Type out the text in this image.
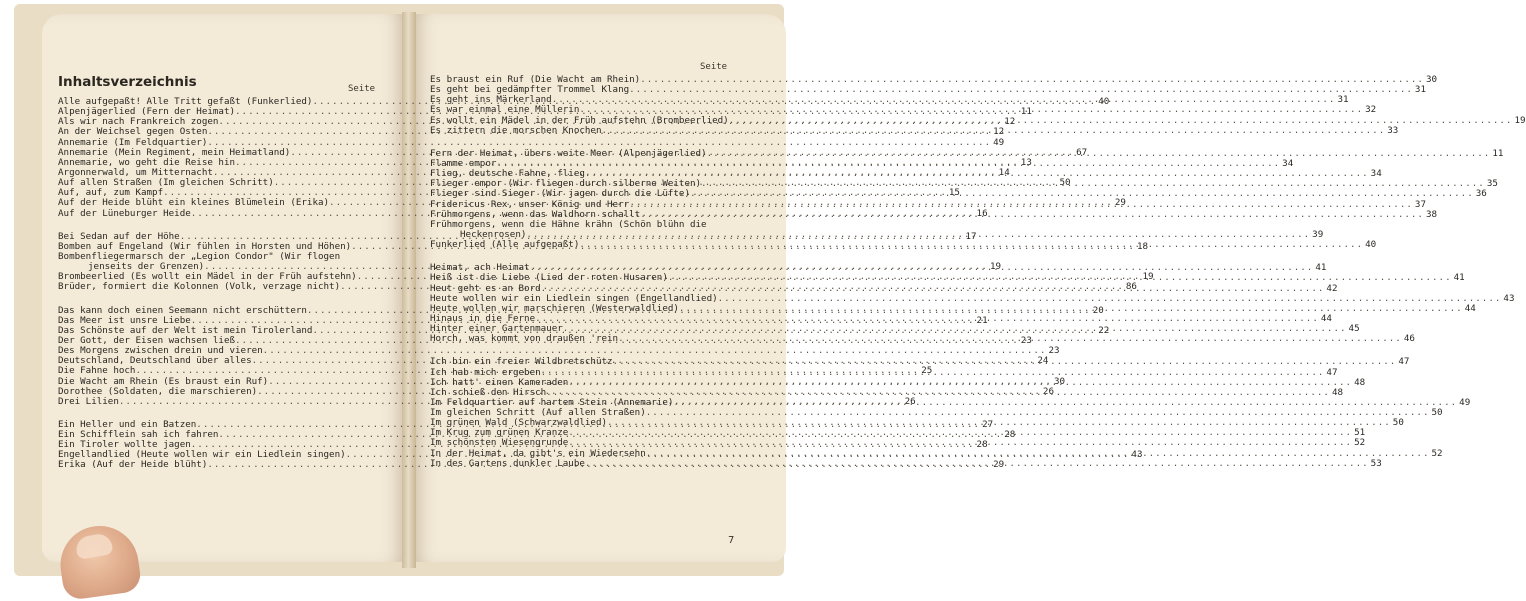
Inhaltsverzeichnis	Seite
Seite
Alle aufgepaßt! Alle Tritt gefaßt (Funkerlied) .....	40
Alpenjägerlied (Fern der Heimat) .....	11
Als wir nach Frankreich zogen .....	12
An der Weichsel gegen Osten .....	12
Annemarie (Im Feldquartier) .....	49
Annemarie (Mein Regiment, mein Heimatland) .....	67
Annemarie, wo geht die Reise hin .....	13
Argonnerwald, um Mitternacht .....	14
Auf allen Straßen (Im gleichen Schritt) .....	50
Auf, auf, zum Kampf .....	15
Auf der Heide blüht ein kleines Blümelein (Erika) .....	29
Auf der Lüneburger Heide .....	16
Bei Sedan auf der Höhe .....	17
Bomben auf Engeland (Wir fühlen in Horsten und Höhen) .....	18
Bombenfliegermarsch der „Legion Condor" (Wir flogen
jenseits der Grenzen) .....	19
Brombeerlied (Es wollt ein Mädel in der Früh aufstehn) .....	19
Brüder, formiert die Kolonnen (Volk, verzage nicht) .....	86
Das kann doch einen Seemann nicht erschüttern .....	20
Das Meer ist unsre Liebe .....	21
Das Schönste auf der Welt ist mein Tirolerland .....	22
Der Gott, der Eisen wachsen ließ .....	23
Des Morgens zwischen drein und vieren .....	23
Deutschland, Deutschland über alles .....	24
Die Fahne hoch .....	25
Die Wacht am Rhein (Es braust ein Ruf) .....	30
Dorothee (Soldaten, die marschieren) .....	26
Drei Lilien .....	26
Ein Heller und ein Batzen .....	27
Ein Schifflein sah ich fahren .....	28
Ein Tiroler wollte jagen .....	28
Engellandlied (Heute wollen wir ein Liedlein singen) .....	43
Erika (Auf der Heide blüht) .....	29
Es braust ein Ruf (Die Wacht am Rhein) .....	30
Es geht bei gedämpfter Trommel Klang .....	31
Es geht ins Märkerland .....	31
Es war einmal eine Müllerin .....	32
Es wollt ein Mädel in der Früh aufstehn (Brombeerlied) .....	19
Es zittern die morschen Knochen .....	33
Fern der Heimat, übers weite Meer (Alpenjägerlied) .....	11
Flamme empor .....	34
Flieg, deutsche Fahne, flieg .....	34
Flieger empor (Wir fliegen durch silberne Weiten) .....	35
Flieger sind Sieger (Wir jagen durch die Lüfte) .....	36
Fridericus Rex, unser König und Herr .....	37
Frühmorgens, wenn das Waldhorn schallt .....	38
Frühmorgens, wenn die Hähne krähn (Schön blühn die
Heckenrosen) .....	39
Funkerlied (Alle aufgepaßt) .....	40
Heimat, ach Heimat .....	41
Heiß ist die Liebe (Lied der roten Husaren) .....	41
Heut geht es an Bord .....	42
Heute wollen wir ein Liedlein singen (Engellandlied) .....	43
Heute wollen wir marschieren (Westerwaldlied) .....	44
Hinaus in die Ferne .....	44
Hinter einer Gartenmauer .....	45
Horch, was kommt von draußen 'rein .....	46
Ich bin ein freier Wildbretschütz .....	47
Ich hab mich ergeben .....	47
Ich hatt' einen Kameraden .....	48
Ich schieß den Hirsch .....	48
Im Feldquartier auf hartem Stein (Annemarie) .....	49
Im gleichen Schritt (Auf allen Straßen) .....	50
Im grünen Wald (Schwarzwaldlied) .....	50
Im Krug zum grünen Kranze .....	51
Im schönsten Wiesengrunde .....	52
In der Heimat, da gibt's ein Wiedersehn .....	52
In des Gartens dunkler Laube .....	53
7
